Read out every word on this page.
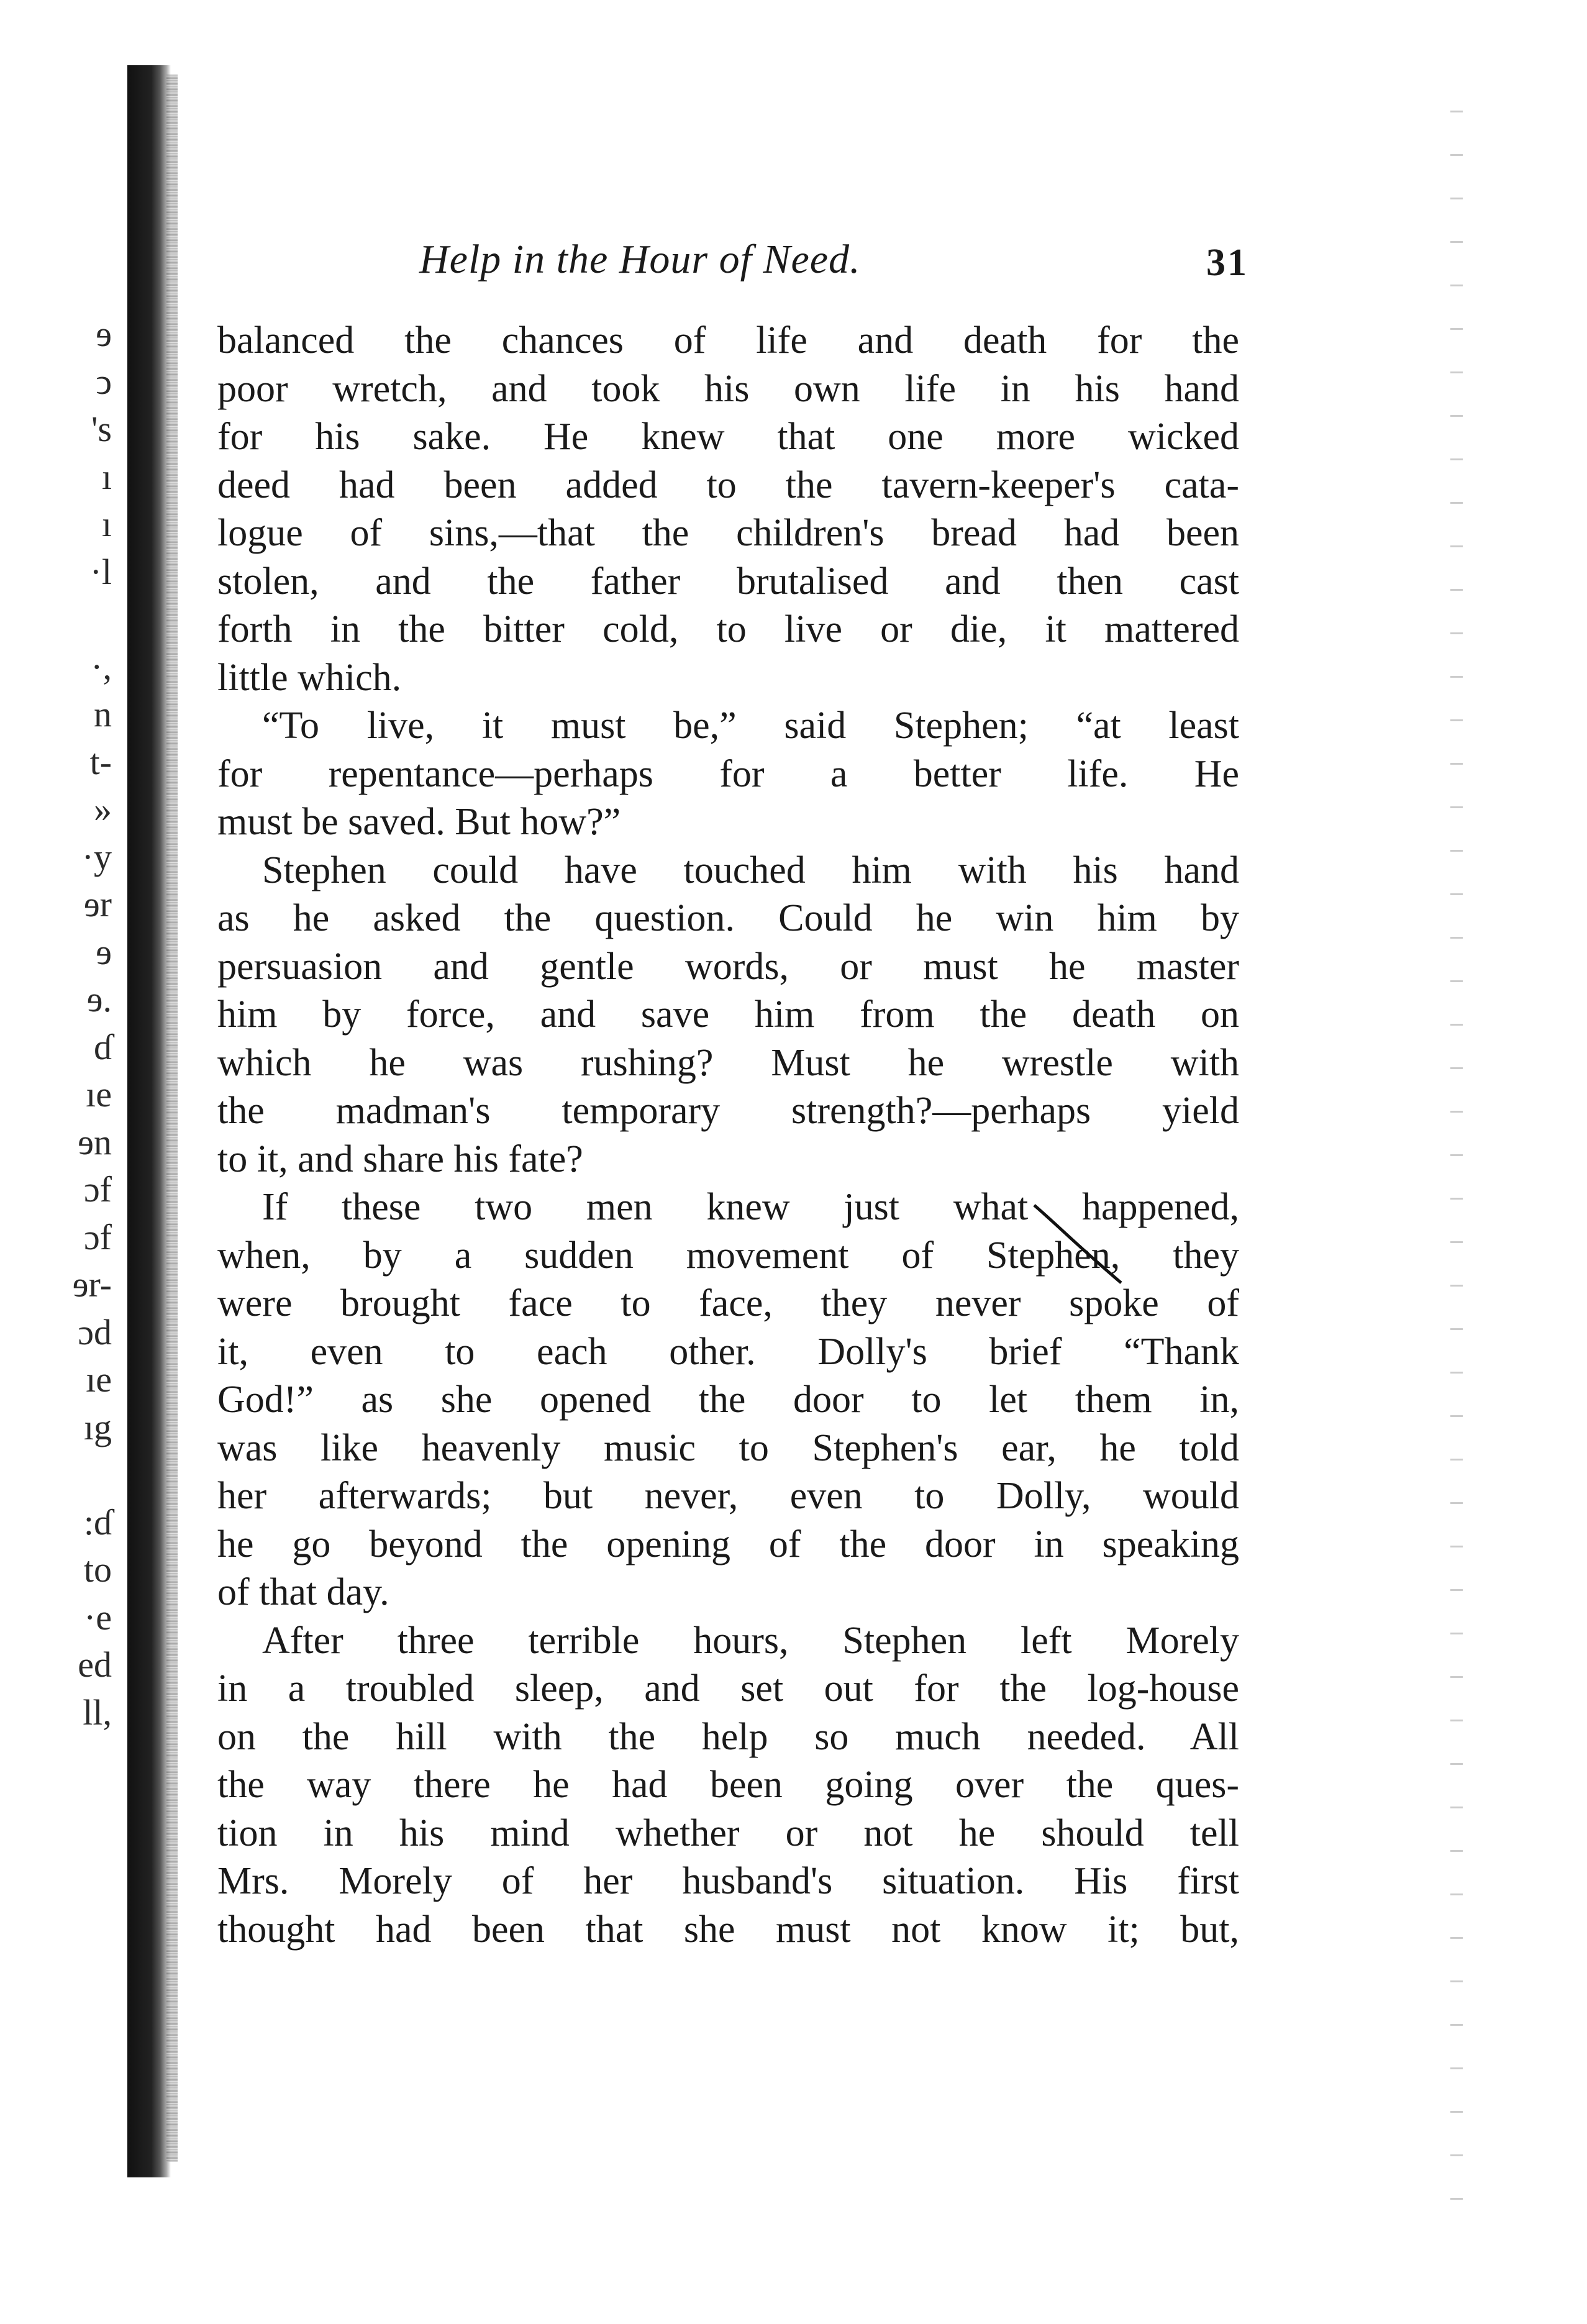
ɘ
ↄ
's
ı
ı
·l
·,
n
t-
»
·y
ɘr
ɘ
ɘ.
ɗ
ıe
ɘn
ɔf
ɔf
ɘr-
ɔd
ıe
ıg
:ɗ
to
·e
ed
ll,
Help in the Hour of Need.	31
balanced the chances of life and death for the
poor wretch, and took his own life in his hand
for his sake. He knew that one more wicked
deed had been added to the tavern-keeper's cata-
logue of sins,—that the children's bread had been
stolen, and the father brutalised and then cast
forth in the bitter cold, to live or die, it mattered
little which.
“To live, it must be,” said Stephen; “at least
for repentance—perhaps for a better life. He
must be saved. But how?”
Stephen could have touched him with his hand
as he asked the question. Could he win him by
persuasion and gentle words, or must he master
him by force, and save him from the death on
which he was rushing? Must he wrestle with
the madman's temporary strength?—perhaps yield
to it, and share his fate?
If these two men knew just what happened,
when, by a sudden movement of Stephen, they
were brought face to face, they never spoke of
it, even to each other. Dolly's brief “Thank
God!” as she opened the door to let them in,
was like heavenly music to Stephen's ear, he told
her afterwards; but never, even to Dolly, would
he go beyond the opening of the door in speaking
of that day.
After three terrible hours, Stephen left Morely
in a troubled sleep, and set out for the log-house
on the hill with the help so much needed. All
the way there he had been going over the ques-
tion in his mind whether or not he should tell
Mrs. Morely of her husband's situation. His first
thought had been that she must not know it; but,
